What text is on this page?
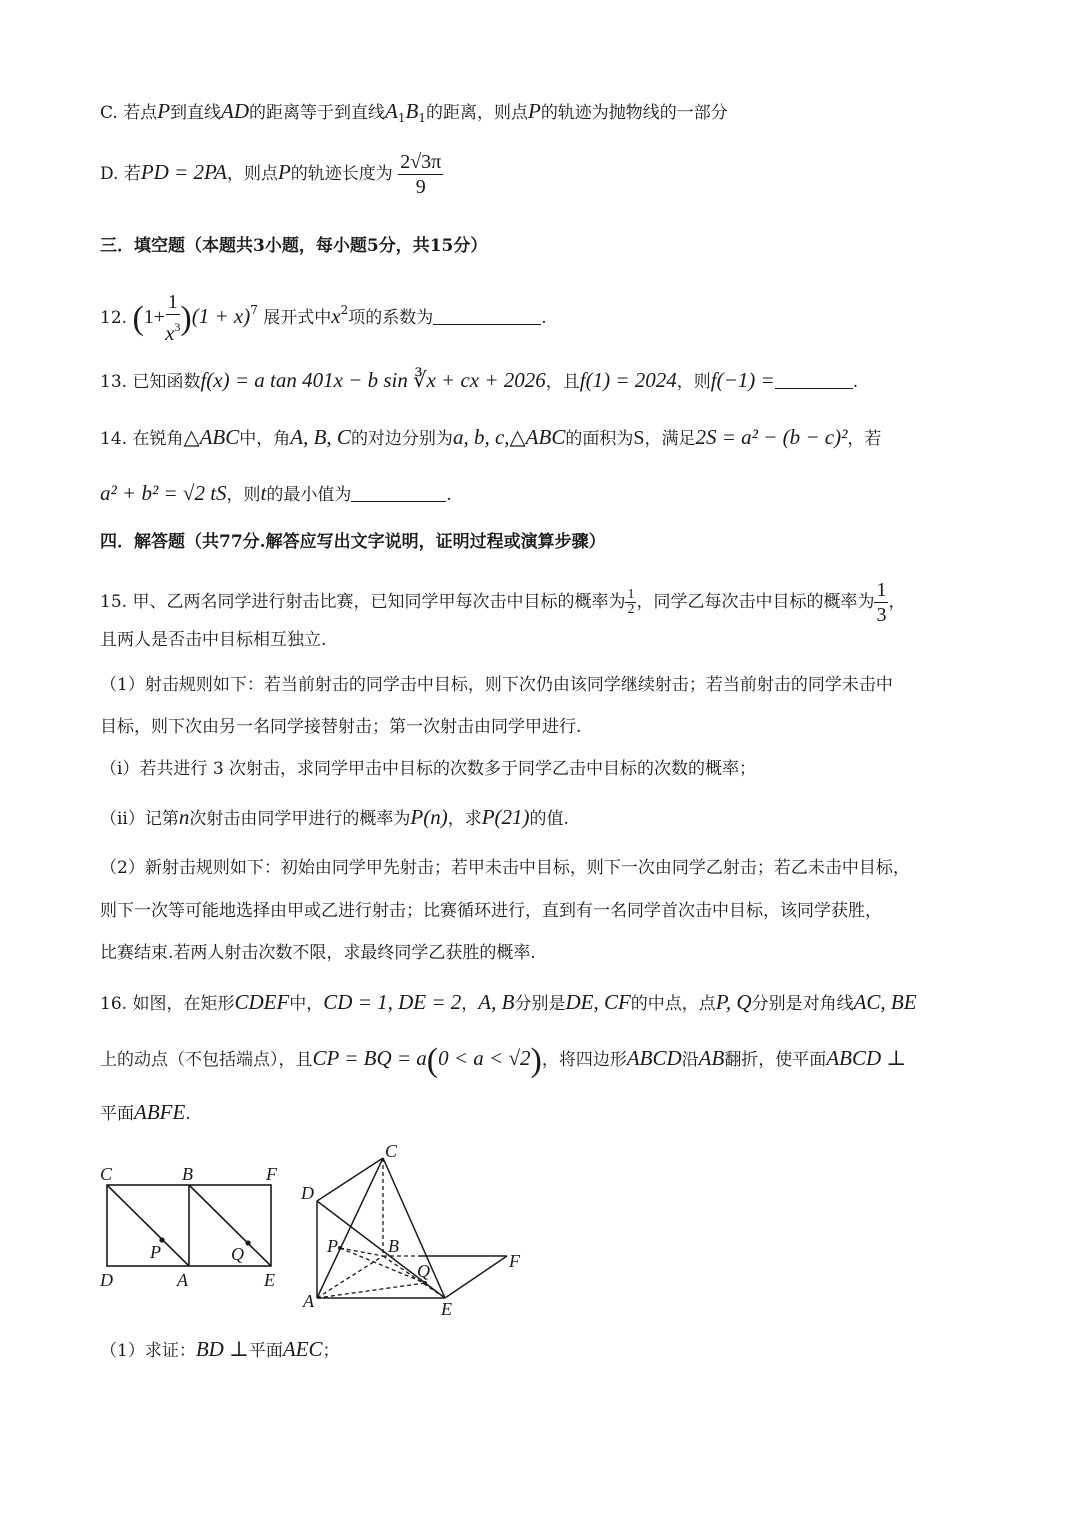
C. 若点P到直线AD的距离等于到直线$A_1B_1$的距离，则点P的轨迹为抛物线的一部分
D. 若PD = 2PA，则点P的轨迹长度为 $\frac{2√3\pi}{9}$
三．填空题（本题共3小题，每小题5分，共15分）
12. $(1+ \frac{1}{x^3} )(1 + x)^7$ 展开式中$x^2$项的系数为	.
13. 已知函数f(x) = a tan 401x − b sin ∛x + cx + 2026，且f(1) = 2024，则f(−1) =	.
14. 在锐角△ABC中，角A, B, C的对边分别为a, b, c,△ABC的面积为S，满足2S = a² − (b − c)²，若
a² + b² = √2 tS，则t的最小值为	.
四．解答题（共77分.解答应写出文字说明，证明过程或演算步骤）
15. 甲、乙两名同学进行射击比赛，已知同学甲每次击中目标的概率为 $\frac{1}{2}$ ，同学乙每次击中目标的概率为 $\frac{1}{3}$ ，
且两人是否击中目标相互独立.
（1）射击规则如下：若当前射击的同学击中目标，则下次仍由该同学继续射击；若当前射击的同学未击中
目标，则下次由另一名同学接替射击；第一次射击由同学甲进行.
（i）若共进行 3 次射击，求同学甲击中目标的次数多于同学乙击中目标的次数的概率；
（ii）记第n次射击由同学甲进行的概率为P(n)，求P(21)的值.
（2）新射击规则如下：初始由同学甲先射击；若甲未击中目标，则下一次由同学乙射击；若乙未击中目标，
则下一次等可能地选择由甲或乙进行射击；比赛循环进行，直到有一名同学首次击中目标，该同学获胜，
比赛结束.若两人射击次数不限，求最终同学乙获胜的概率.
16. 如图，在矩形CDEF中，CD = 1, DE = 2，A, B分别是DE, CF的中点，点P, Q分别是对角线AC, BE
上的动点（不包括端点），且CP = BQ = a(0 < a < √2)，将四边形ABCD沿AB翻折，使平面ABCD ⊥
平面ABFE.
C	B	F
P	Q
D	A	E
C
D
P	B
Q	F
A	E
（1）求证：BD ⊥平面AEC；
